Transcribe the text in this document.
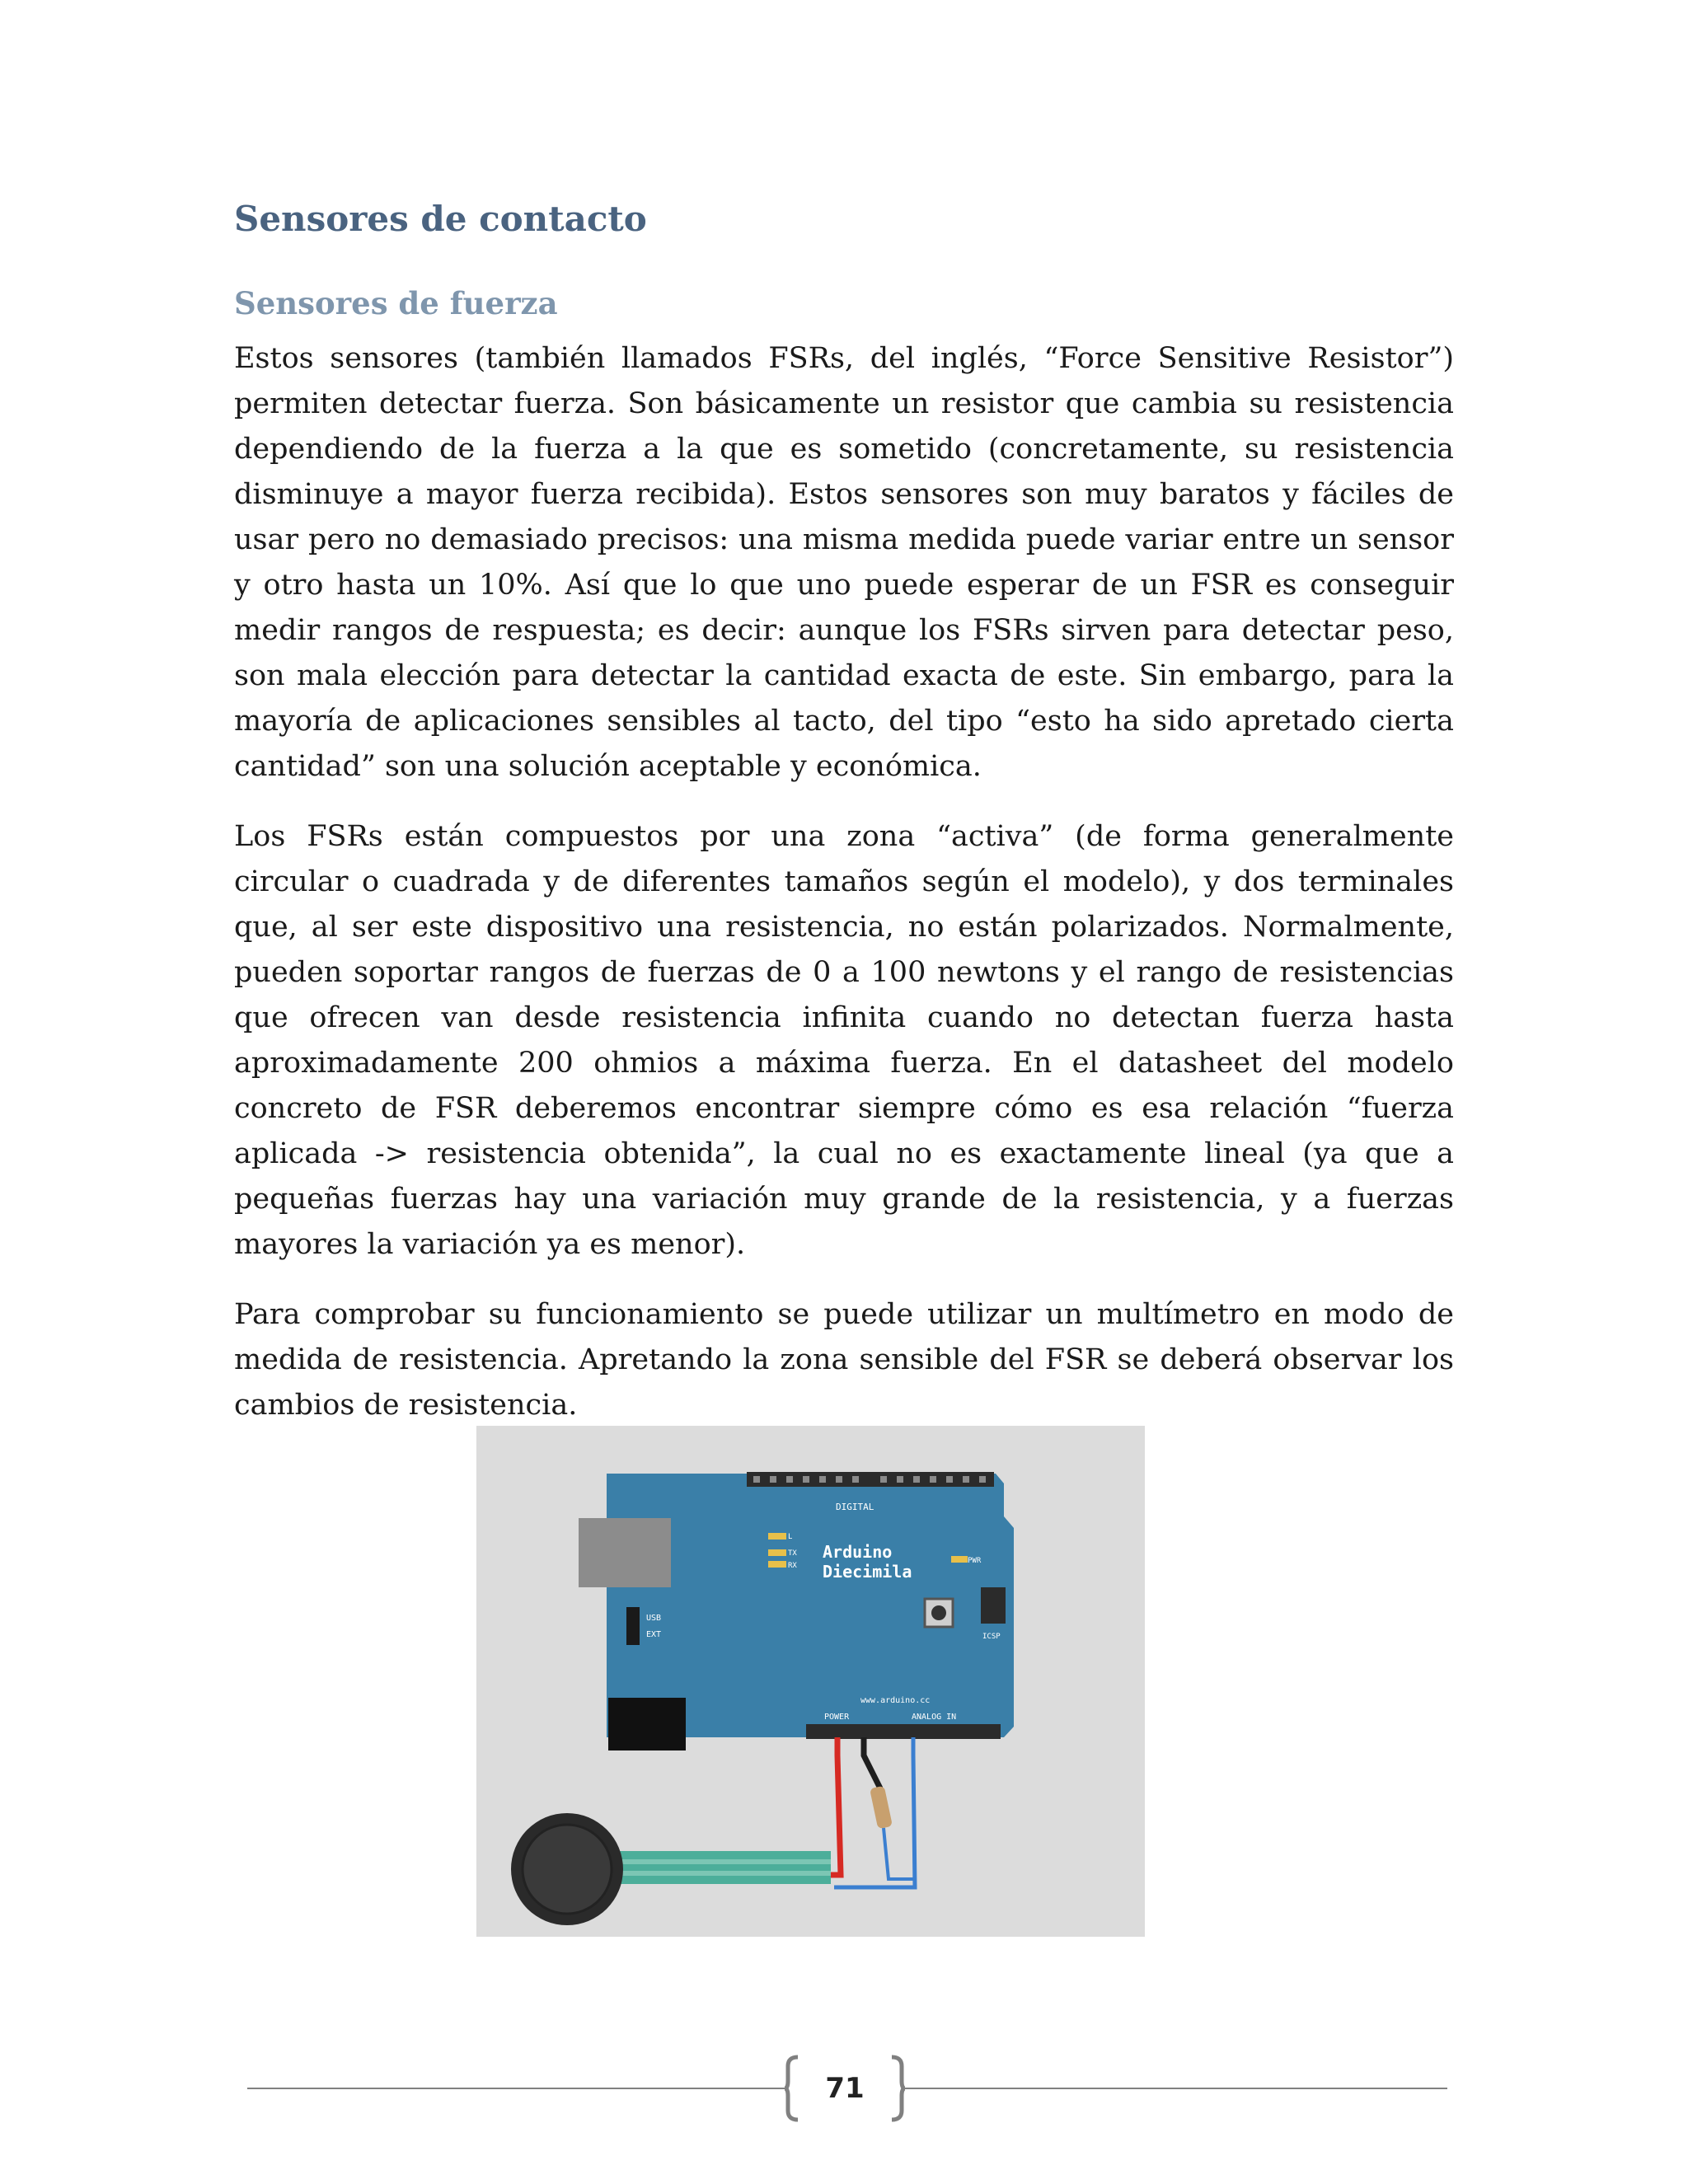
Sensores de contacto
Sensores de fuerza

Estos sensores (también llamados FSRs, del inglés, “Force Sensitive Resistor”) permiten detectar fuerza. Son básicamente un resistor que cambia su resistencia dependiendo de la fuerza a la que es sometido (concretamente, su resistencia disminuye a mayor fuerza recibida). Estos sensores son muy baratos y fáciles de usar pero no demasiado precisos: una misma medida puede variar entre un sensor y otro hasta un 10%. Así que lo que uno puede esperar de un FSR es conseguir medir rangos de respuesta; es decir: aunque los FSRs sirven para detectar peso, son mala elección para detectar la cantidad exacta de este. Sin embargo, para la mayoría de aplicaciones sensibles al tacto, del tipo “esto ha sido apretado cierta cantidad” son una solución aceptable y económica.

Los FSRs están compuestos por una zona “activa” (de forma generalmente circular o cuadrada y de diferentes tamaños según el modelo), y dos terminales que, al ser este dispositivo una resistencia, no están polarizados. Normalmente, pueden soportar rangos de fuerzas de 0 a 100 newtons y el rango de resistencias que ofrecen van desde resistencia infinita cuando no detectan fuerza hasta aproximadamente 200 ohmios a máxima fuerza. En el datasheet del modelo concreto de FSR deberemos encontrar siempre cómo es esa relación “fuerza aplicada -> resistencia obtenida”, la cual no es exactamente lineal (ya que a pequeñas fuerzas hay una variación muy grande de la resistencia, y a fuerzas mayores la variación ya es menor).

Para comprobar su funcionamiento se puede utilizar un multímetro en modo de medida de resistencia. Apretando la zona sensible del FSR se deberá observar los cambios de resistencia.

DIGITAL
Arduino
Diecimila
www.arduino.cc
POWER	ANALOG IN
USB
EXT
PWR
TX
RX
L
ICSP
71
